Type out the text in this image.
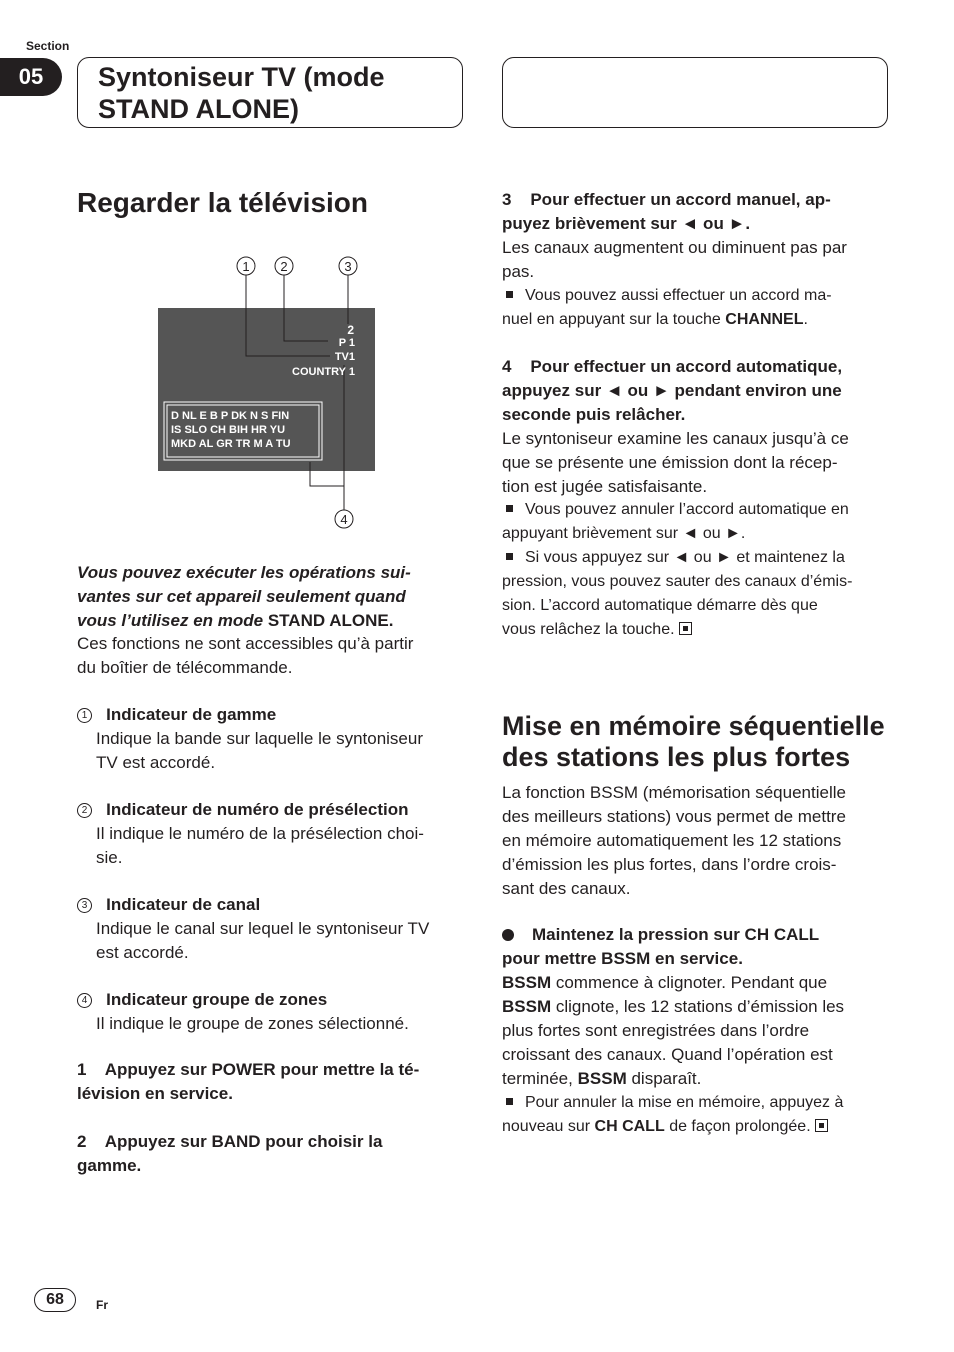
Section
05	Syntoniseur TV (mode
STAND ALONE)
Regarder la télévision
1 2	3
4
2
P 1
TV1
COUNTRY 1
D NL E B P DK N S FIN
IS SLO CH BIH HR YU
MKD AL GR TR M A TU
Vous pouvez exécuter les opérations sui-
vantes sur cet appareil seulement quand
vous l’utilisez en mode STAND ALONE.
Ces fonctions ne sont accessibles qu’à partir
du boîtier de télécommande.
1 Indicateur de gamme
Indique la bande sur laquelle le syntoniseur
TV est accordé.
2 Indicateur de numéro de présélection
Il indique le numéro de la présélection choi-
sie.
3 Indicateur de canal
Indique le canal sur lequel le syntoniseur TV
est accordé.
4 Indicateur groupe de zones
Il indique le groupe de zones sélectionné.
1    Appuyez sur POWER pour mettre la té-
lévision en service.
2    Appuyez sur BAND pour choisir la
gamme.
3    Pour effectuer un accord manuel, ap-
puyez brièvement sur ◄ ou ►.
Les canaux augmentent ou diminuent pas par
pas.
Vous pouvez aussi effectuer un accord ma-
nuel en appuyant sur la touche CHANNEL.
4    Pour effectuer un accord automatique,
appuyez sur ◄ ou ► pendant environ une
seconde puis relâcher.
Le syntoniseur examine les canaux jusqu’à ce
que se présente une émission dont la récep-
tion est jugée satisfaisante.
Vous pouvez annuler l’accord automatique en
appuyant brièvement sur ◄ ou ►.
Si vous appuyez sur ◄ ou ► et maintenez la
pression, vous pouvez sauter des canaux d’émis-
sion. L’accord automatique démarre dès que
vous relâchez la touche.
Mise en mémoire séquentielle
des stations les plus fortes
La fonction BSSM (mémorisation séquentielle
des meilleurs stations) vous permet de mettre
en mémoire automatiquement les 12 stations
d’émission les plus fortes, dans l’ordre crois-
sant des canaux.
Maintenez la pression sur CH CALL
pour mettre BSSM en service.
BSSM commence à clignoter. Pendant que
BSSM clignote, les 12 stations d’émission les
plus fortes sont enregistrées dans l’ordre
croissant des canaux. Quand l’opération est
terminée, BSSM disparaît.
Pour annuler la mise en mémoire, appuyez à
nouveau sur CH CALL de façon prolongée.
68	Fr
